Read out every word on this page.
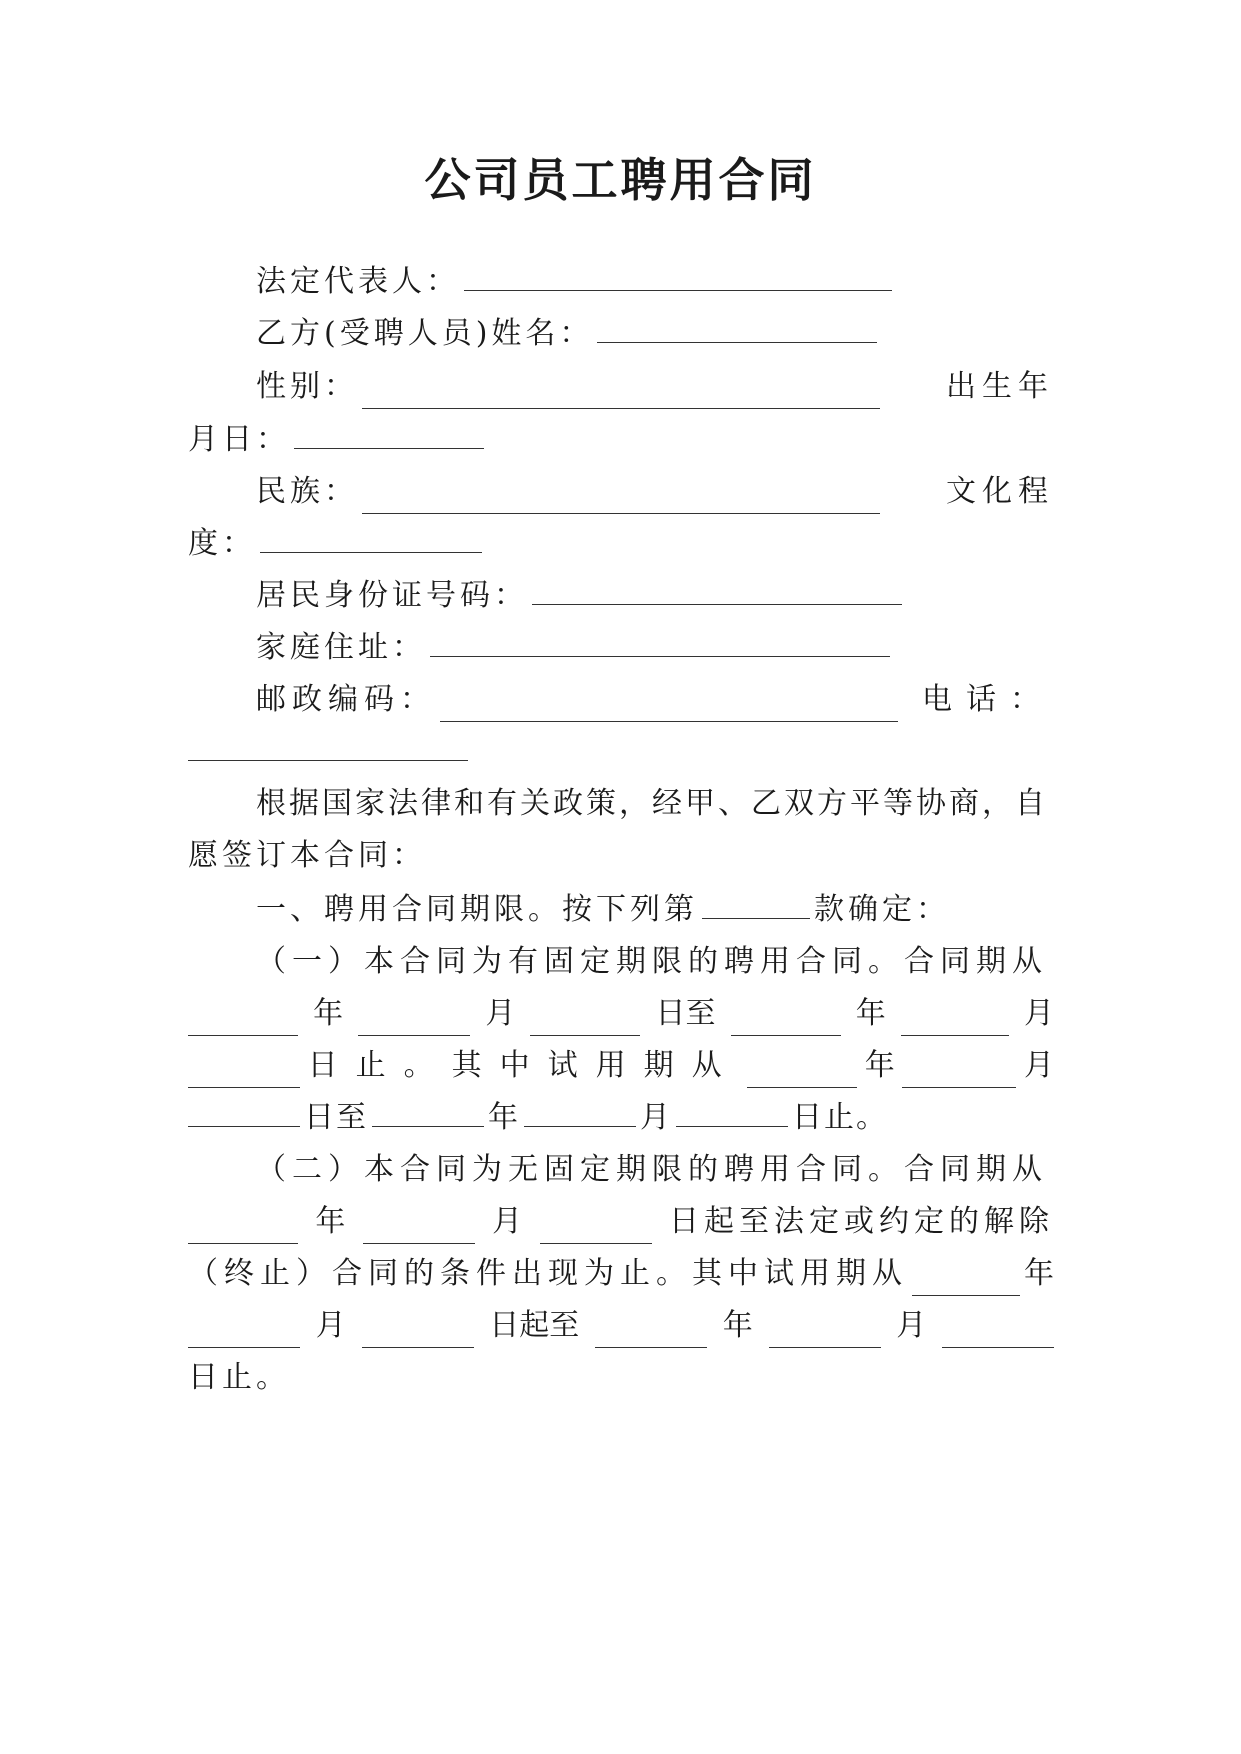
公司员工聘用合同
法定代表人：
乙方(受聘人员)姓名：
性别：	出生年
月日：
民族：	文化程
度：
居民身份证号码：
家庭住址：
邮政编码：	电话：
根据国家法律和有关政策，经甲、乙双方平等协商，自
愿签订本合同：
一、聘用合同期限。按下列第	款确定：
（一）本合同为有固定期限的聘用合同。合同期从
年	月	日至	年	月
日止。其中试用期从	年	月
日至	年	月	日止。
（二）本合同为无固定期限的聘用合同。合同期从
年	月	日起至法定或约定的解除
（终止）合同的条件出现为止。其中试用期从	年
月	日起至	年	月
日止。
